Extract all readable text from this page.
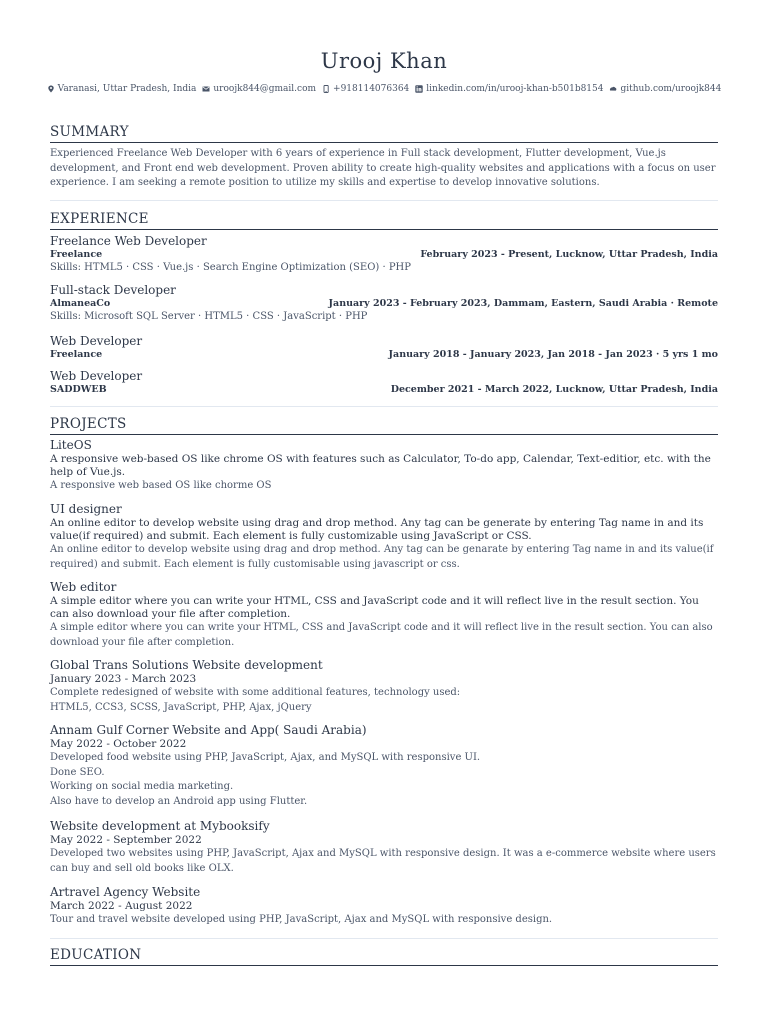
Urooj Khan
Varanasi, Uttar Pradesh, India uroojk844@gmail.com +918114076364 linkedin.com/in/urooj-khan-b501b8154 github.com/uroojk844
SUMMARY
Experienced Freelance Web Developer with 6 years of experience in Full stack development, Flutter development, Vue.js development, and Front end web development. Proven ability to create high-quality websites and applications with a focus on user experience. I am seeking a remote position to utilize my skills and expertise to develop innovative solutions.
EXPERIENCE
Freelance Web Developer
Freelance	February 2023 - Present, Lucknow, Uttar Pradesh, India
Skills: HTML5 · CSS · Vue.js · Search Engine Optimization (SEO) · PHP
Full-stack Developer
AlmaneaCo	January 2023 - February 2023, Dammam, Eastern, Saudi Arabia · Remote
Skills: Microsoft SQL Server · HTML5 · CSS · JavaScript · PHP
Web Developer
Freelance	January 2018 - January 2023, Jan 2018 - Jan 2023 · 5 yrs 1 mo
Web Developer
SADDWEB	December 2021 - March 2022, Lucknow, Uttar Pradesh, India
PROJECTS
LiteOS
A responsive web-based OS like chrome OS with features such as Calculator, To-do app, Calendar, Text-editior, etc. with the help of Vue.js.
A responsive web based OS like chorme OS
UI designer
An online editor to develop website using drag and drop method. Any tag can be generate by entering Tag name in and its value(if required) and submit. Each element is fully customizable using JavaScript or CSS.
An online editor to develop website using drag and drop method. Any tag can be genarate by entering Tag name in and its value(if required) and submit. Each element is fully customisable using javascript or css.
Web editor
A simple editor where you can write your HTML, CSS and JavaScript code and it will reflect live in the result section. You can also download your file after completion.
A simple editor where you can write your HTML, CSS and JavaScript code and it will reflect live in the result section. You can also download your file after completion.
Global Trans Solutions Website development
January 2023 - March 2023
Complete redesigned of website with some additional features, technology used:
HTML5, CCS3, SCSS, JavaScript, PHP, Ajax, jQuery
Annam Gulf Corner Website and App( Saudi Arabia)
May 2022 - October 2022
Developed food website using PHP, JavaScript, Ajax, and MySQL with responsive UI.
Done SEO.
Working on social media marketing.
Also have to develop an Android app using Flutter.
Website development at Mybooksify
May 2022 - September 2022
Developed two websites using PHP, JavaScript, Ajax and MySQL with responsive design. It was a e-commerce website where users can buy and sell old books like OLX.
Artravel Agency Website
March 2022 - August 2022
Tour and travel website developed using PHP, JavaScript, Ajax and MySQL with responsive design.
EDUCATION
